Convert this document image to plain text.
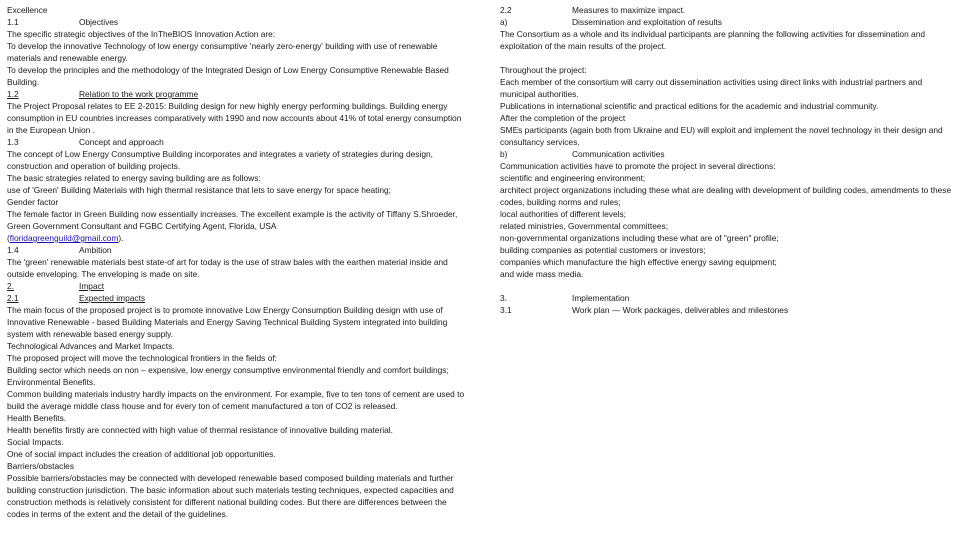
Excellence
1.1	Objectives
The specific strategic objectives of the InTheBIOS Innovation Action are:
To develop the innovative Technology of low energy consumptive 'nearly zero-energy' building with use of renewable materials and renewable energy.
To develop the principles and the methodology of the Integrated Design of Low Energy Consumptive Renewable Based Building.
1.2	Relation to the work programme
The Project Proposal relates to EE 2-2015: Building design for new highly energy performing buildings. Building energy consumption in EU countries increases comparatively with 1990 and now accounts about 41% of total energy consumption in the European Union .
1.3	Concept and approach
The concept of Low Energy Consumptive Building incorporates and integrates a variety of strategies during design, construction and operation of building projects.
The basic strategies related to energy saving building are as follows:
use of 'Green' Building Materials with high thermal resistance that lets to save energy for space heating;
Gender factor
The female factor in Green Building now essentially increases. The excellent example is the activity of Tiffany S.Shroeder, Green Government Consultant and FGBC Certifying Agent, Florida, USA
(floridagreenguild@gmail.com).
1.4	Ambition
The 'green' renewable materials best state-of art for today is the use of straw bales with the earthen material inside and outside enveloping. The enveloping is made on site.
2.	Impact
2.1	Expected impacts
The main focus of the proposed project is to promote innovative Low Energy Consumption Building design with use of Innovative Renewable - based Building Materials and Energy Saving Technical Building System integrated into building system with renewable based energy supply.
Technological Advances and Market Impacts.
The proposed project will move the technological frontiers in the fields of:
Building sector which needs on non – expensive, low energy consumptive environmental friendly and comfort buildings;
Environmental Benefits.
Common building materials industry hardly impacts on the environment. For example, five to ten tons of cement are used to build the average middle class house and for every ton of cement manufactured a ton of CO2 is released.
Health Benefits.
Health benefits firstly are connected with high value of thermal resistance of innovative building material.
Social Impacts.
One of social impact includes the creation of additional job opportunities.
Barriers/obstacles
Possible barriers/obstacles may be connected with developed renewable based composed building materials and further building construction jurisdiction. The basic information about such materials testing techniques, expected capacities and construction methods is relatively consistent for different national building codes. But there are differences between the codes in terms of the extent and the detail of the guidelines.
2.2	Measures to maximize impact.
a)	Dissemination and exploitation of results
The Consortium as a whole and its individual participants are planning the following activities for dissemination and exploitation of the main results of the project.
Throughout the project:
Each member of the consortium will carry out dissemination activities using direct links with industrial partners and municipal authorities.
Publications in international scientific and practical editions for the academic and industrial community.
After the completion of the project
SMEs participants (again both from Ukraine and EU) will exploit and implement the novel technology in their design and consultancy services.
b)	Communication activities
Communication activities have to promote the project in several directions:
scientific and engineering environment;
architect project organizations including these what are dealing with development of building codes, amendments to these codes, building norms and rules;
local authorities of different levels;
related ministries, Governmental committees;
non-governmental organizations including these what are of "green" profile;
building companies as potential customers or investors;
companies which manufacture the high effective energy saving equipment;
and wide mass media.
3.	Implementation
3.1	Work plan — Work packages, deliverables and milestones
